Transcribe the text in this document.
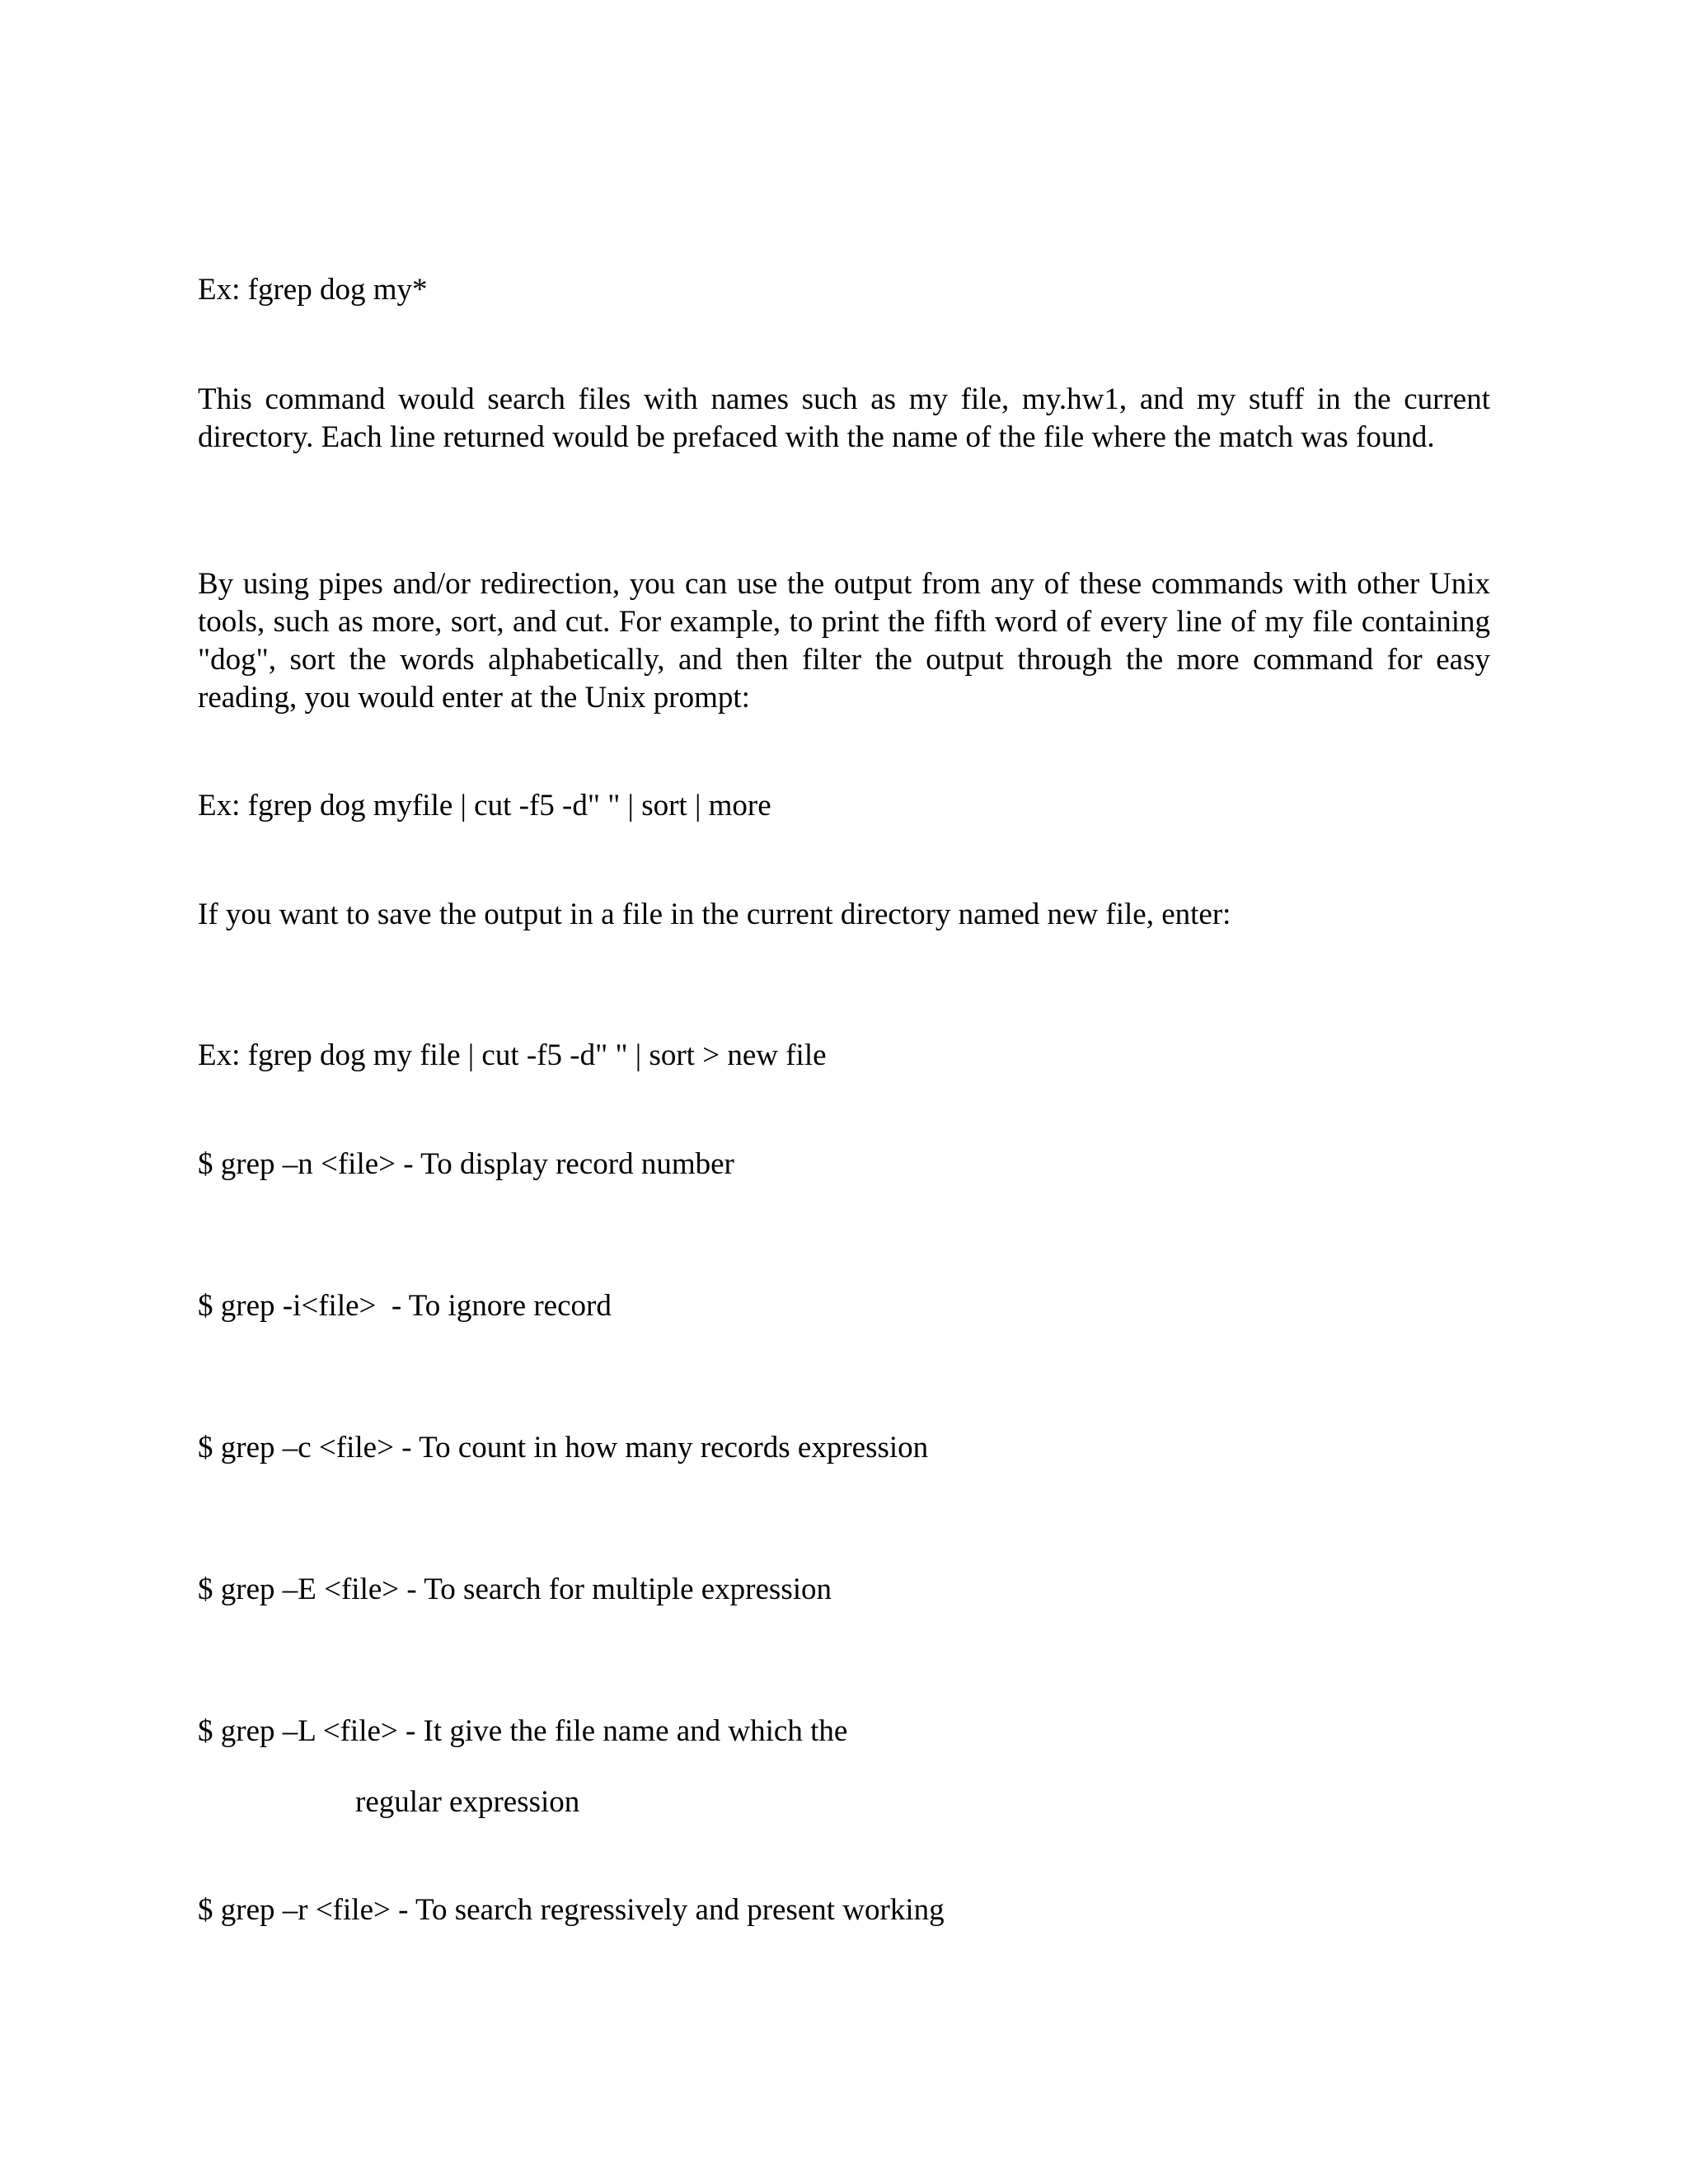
Ex: fgrep dog my*

This command would search files with names such as my file, my.hw1, and my stuff in the current directory. Each line returned would be prefaced with the name of the file where the match was found.

By using pipes and/or redirection, you can use the output from any of these commands with other Unix tools, such as more, sort, and cut. For example, to print the fifth word of every line of my file containing "dog", sort the words alphabetically, and then filter the output through the more command for easy reading, you would enter at the Unix prompt:

Ex: fgrep dog myfile | cut -f5 -d" " | sort | more

If you want to save the output in a file in the current directory named new file, enter:

Ex: fgrep dog my file | cut -f5 -d" " | sort > new file

$ grep –n <file> - To display record number

$ grep -i<file>  - To ignore record

$ grep –c <file> - To count in how many records expression

$ grep –E <file> - To search for multiple expression

$ grep –L <file> - It give the file name and which the

regular expression

$ grep –r <file> - To search regressively and present working
